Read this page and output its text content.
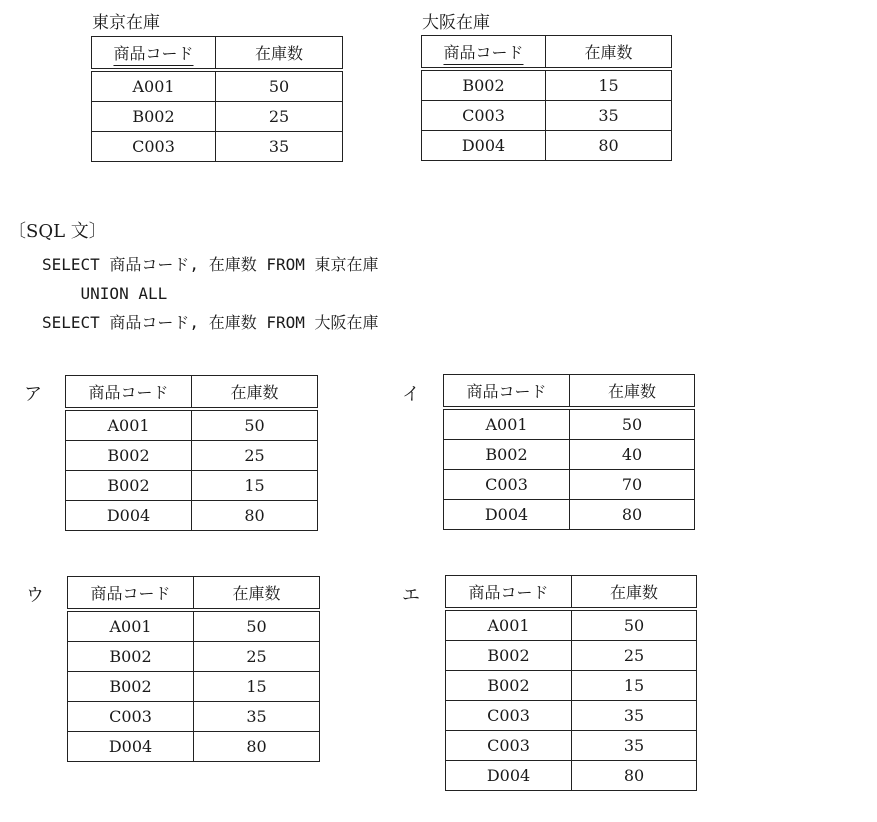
東京在庫
商品コード	在庫数
A001	50
B002	25
C003	35
大阪在庫
商品コード	在庫数
B002	15
C003	35
D004	80
〔SQL 文〕
SELECT 商品コード, 在庫数 FROM 東京在庫
UNION ALL
SELECT 商品コード, 在庫数 FROM 大阪在庫
ア	商品コード	在庫数
A001	50
B002	25
B002	15
D004	80
イ	商品コード	在庫数
A001	50
B002	40
C003	70
D004	80
ウ	商品コード	在庫数
A001	50
B002	25
B002	15
C003	35
D004	80
エ	商品コード	在庫数
A001	50
B002	25
B002	15
C003	35
C003	35
D004	80
